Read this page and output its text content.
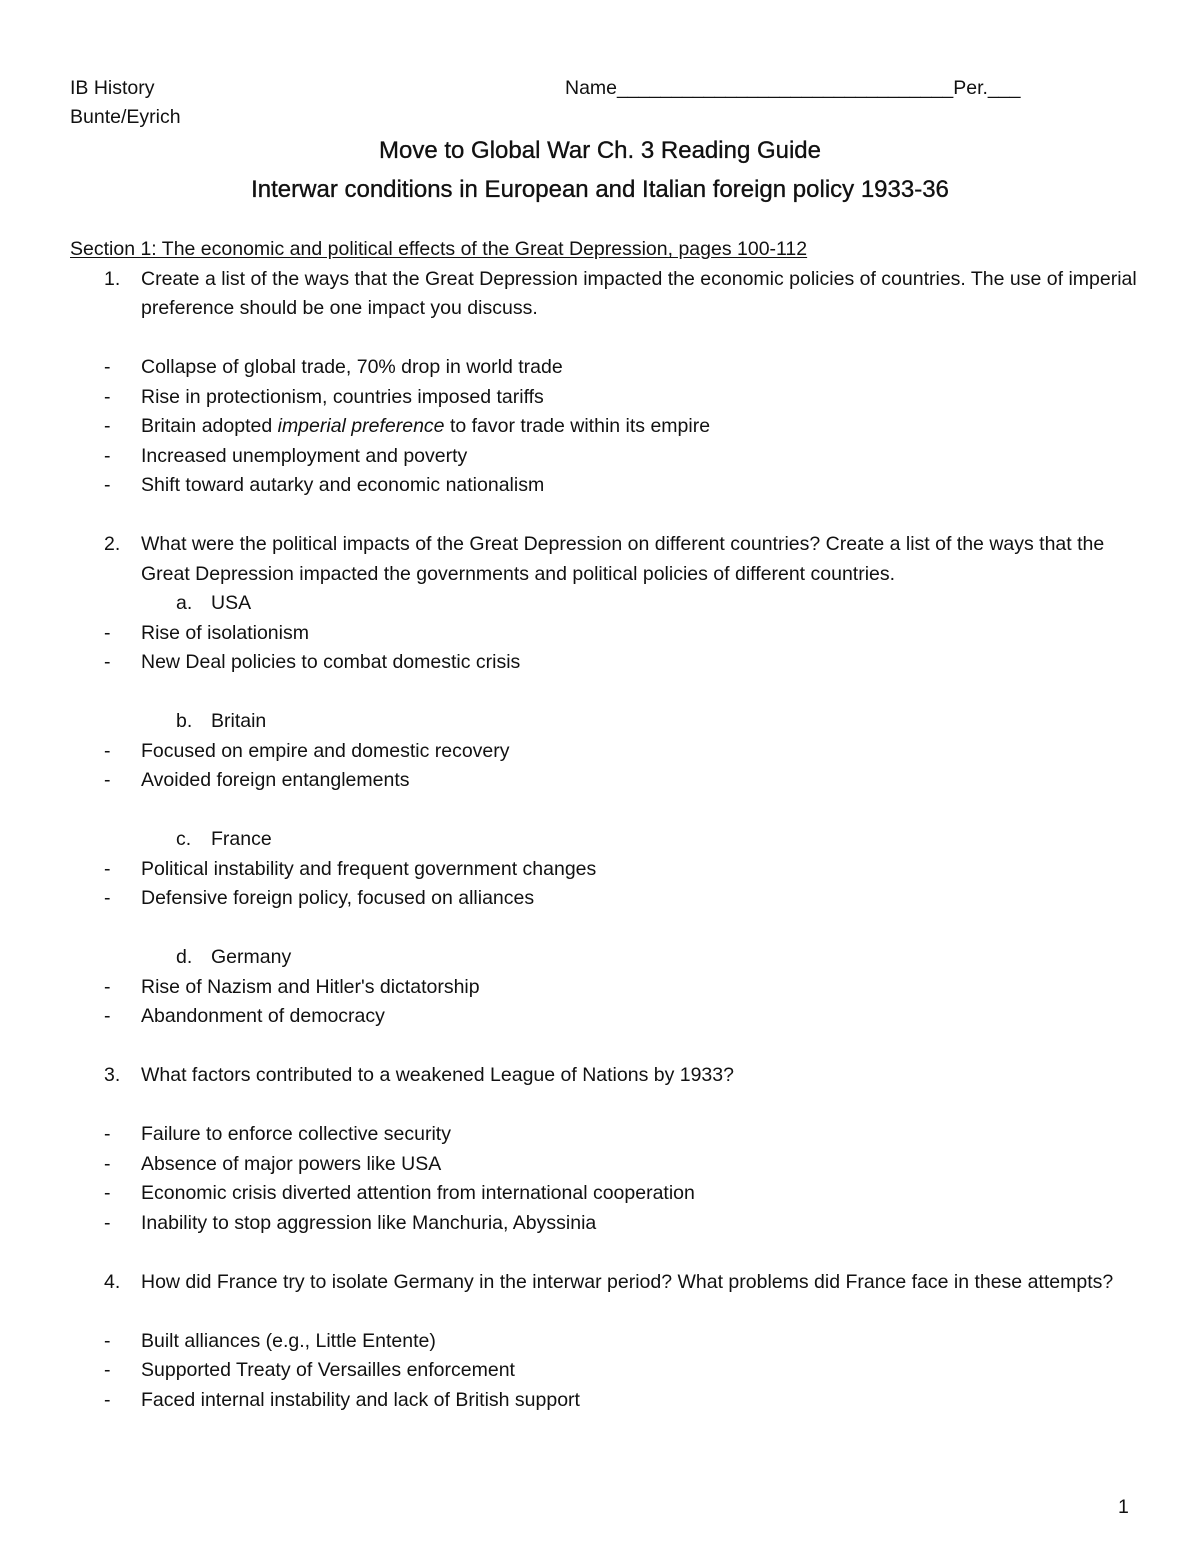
IB History
Bunte/Eyrich
Name_______________________________Per.___
Move to Global War Ch. 3 Reading Guide
Interwar conditions in European and Italian foreign policy 1933-36
Section 1: The economic and political effects of the Great Depression, pages 100-112
1. Create a list of the ways that the Great Depression impacted the economic policies of countries. The use of imperial preference should be one impact you discuss.
- Collapse of global trade, 70% drop in world trade
- Rise in protectionism, countries imposed tariffs
- Britain adopted imperial preference to favor trade within its empire
- Increased unemployment and poverty
- Shift toward autarky and economic nationalism
2. What were the political impacts of the Great Depression on different countries? Create a list of the ways that the Great Depression impacted the governments and political policies of different countries.
a. USA
- Rise of isolationism
- New Deal policies to combat domestic crisis
b. Britain
- Focused on empire and domestic recovery
- Avoided foreign entanglements
c. France
- Political instability and frequent government changes
- Defensive foreign policy, focused on alliances
d. Germany
- Rise of Nazism and Hitler's dictatorship
- Abandonment of democracy
3. What factors contributed to a weakened League of Nations by 1933?
- Failure to enforce collective security
- Absence of major powers like USA
- Economic crisis diverted attention from international cooperation
- Inability to stop aggression like Manchuria, Abyssinia
4. How did France try to isolate Germany in the interwar period? What problems did France face in these attempts?
- Built alliances (e.g., Little Entente)
- Supported Treaty of Versailles enforcement
- Faced internal instability and lack of British support
1
